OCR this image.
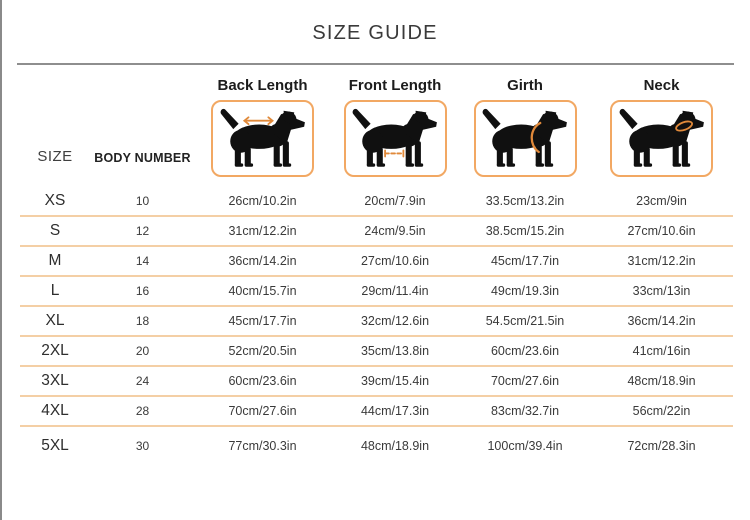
SIZE GUIDE
SIZE	BODY NUMBER
Back Length	Front Length	Girth	Neck
XS	10	26cm/10.2in	20cm/7.9in	33.5cm/13.2in	23cm/9in
S	12	31cm/12.2in	24cm/9.5in	38.5cm/15.2in	27cm/10.6in
M	14	36cm/14.2in	27cm/10.6in	45cm/17.7in	31cm/12.2in
L	16	40cm/15.7in	29cm/11.4in	49cm/19.3in	33cm/13in
XL	18	45cm/17.7in	32cm/12.6in	54.5cm/21.5in	36cm/14.2in
2XL	20	52cm/20.5in	35cm/13.8in	60cm/23.6in	41cm/16in
3XL	24	60cm/23.6in	39cm/15.4in	70cm/27.6in	48cm/18.9in
4XL	28	70cm/27.6in	44cm/17.3in	83cm/32.7in	56cm/22in
5XL	30	77cm/30.3in	48cm/18.9in	100cm/39.4in	72cm/28.3in
